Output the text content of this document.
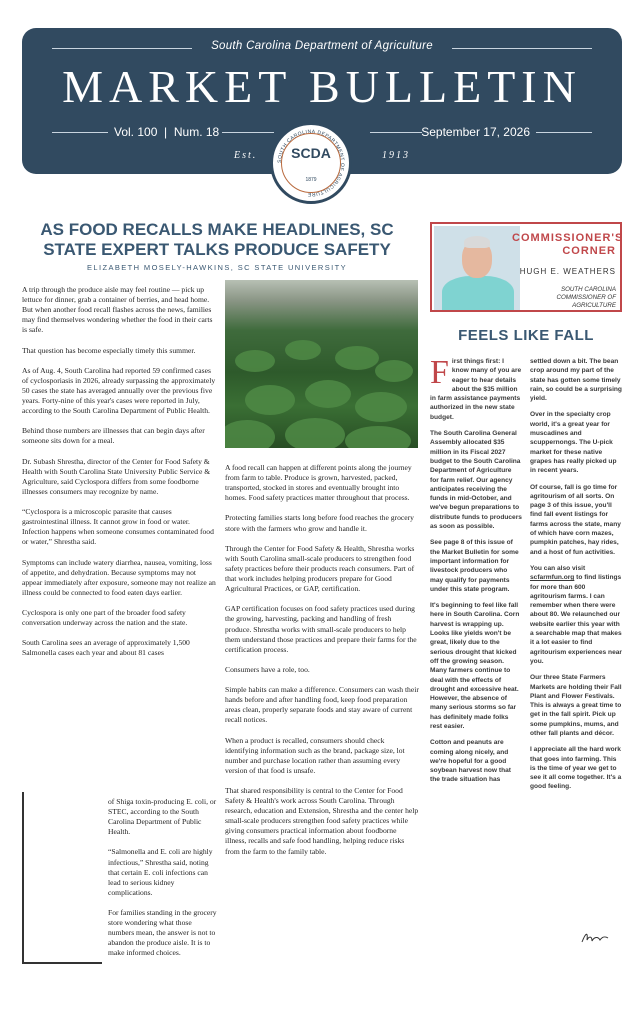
South Carolina Department of Agriculture
MARKET BULLETIN
Vol. 100  |  Num. 18	September 17, 2026
Est.	1913
SOUTH CAROLINA DEPARTMENT OF AGRICULTURE
SCDA
1879
AS FOOD RECALLS MAKE HEADLINES, SC
STATE EXPERT TALKS PRODUCE SAFETY
ELIZABETH MOSELY-HAWKINS, SC STATE UNIVERSITY

A trip through the produce aisle may feel routine — pick up lettuce for dinner, grab a container of berries, and head home. But when another food recall flashes across the news, families may find themselves wondering whether the food in their carts is safe.

That question has become especially timely this summer.

As of Aug. 4, South Carolina had reported 59 confirmed cases of cyclosporiasis in 2026, already surpassing the approximately 50 cases the state has averaged annually over the previous five years. Forty-nine of this year's cases were reported in July, according to the South Carolina Department of Public Health.

Behind those numbers are illnesses that can begin days after someone sits down for a meal.

Dr. Subash Shrestha, director of the Center for Food Safety & Health with South Carolina State University Public Service & Agriculture, said Cyclospora differs from some foodborne illnesses consumers may recognize by name.

“Cyclospora is a microscopic parasite that causes gastrointestinal illness. It cannot grow in food or water. Infection happens when someone consumes contaminated food or water,” Shrestha said.

Symptoms can include watery diarrhea, nausea, vomiting, loss of appetite, and dehydration. Because symptoms may not appear immediately after exposure, someone may not realize an illness could be connected to food eaten days earlier.

Cyclospora is only one part of the broader food safety conversation underway across the nation and the state.

South Carolina sees an average of approximately 1,500 Salmonella cases each year and about 81 cases

of Shiga toxin-producing E. coli, or STEC, according to the South Carolina Department of Public Health.

“Salmonella and E. coli are highly infectious,” Shrestha said, noting that certain E. coli infections can lead to serious kidney complications.

For families standing in the grocery store wondering what those numbers mean, the answer is not to abandon the produce aisle. It is to make informed choices.

A food recall can happen at different points along the journey from farm to table. Produce is grown, harvested, packed, transported, stocked in stores and eventually brought into homes. Food safety practices matter throughout that process.

Protecting families starts long before food reaches the grocery store with the farmers who grow and handle it.

Through the Center for Food Safety & Health, Shrestha works with South Carolina small-scale producers to strengthen food safety practices before their products reach consumers. Part of that work includes helping producers prepare for Good Agricultural Practices, or GAP, certification.

GAP certification focuses on food safety practices used during the growing, harvesting, packing and handling of fresh produce. Shrestha works with small-scale producers to help them understand those practices and prepare their farms for the certification process.

Consumers have a role, too.

Simple habits can make a difference. Consumers can wash their hands before and after handling food, keep food preparation areas clean, properly separate foods and stay aware of current recall notices.

When a product is recalled, consumers should check identifying information such as the brand, package size, lot number and purchase location rather than assuming every version of that food is unsafe.

That shared responsibility is central to the Center for Food Safety & Health's work across South Carolina. Through research, education and Extension, Shrestha and the center help small-scale producers strengthen food safety practices while giving consumers practical information about foodborne illness, recalls and safe food handling, helping reduce risks from the farm to the family table.

COMMISSIONER'S
CORNER
HUGH E. WEATHERS
SOUTH CAROLINA
COMMISSIONER OF AGRICULTURE
FEELS LIKE FALL

First things first: I know many of you are eager to hear details about the $35 million in farm assistance payments authorized in the new state budget.

The South Carolina General Assembly allocated $35 million in its Fiscal 2027 budget to the South Carolina Department of Agriculture for farm relief. Our agency anticipates receiving the funds in mid-October, and we've begun preparations to distribute funds to producers as soon as possible.

See page 8 of this issue of the Market Bulletin for some important information for livestock producers who may qualify for payments under this state program.

It's beginning to feel like fall here in South Carolina. Corn harvest is wrapping up. Looks like yields won't be great, likely due to the serious drought that kicked off the growing season. Many farmers continue to deal with the effects of drought and excessive heat. However, the absence of many serious storms so far has definitely made folks rest easier.

Cotton and peanuts are coming along nicely, and we're hopeful for a good soybean harvest now that the trade situation has

settled down a bit. The bean crop around my part of the state has gotten some timely rain, so could be a surprising yield.

Over in the specialty crop world, it's a great year for muscadines and scuppernongs. The U-pick market for these native grapes has really picked up in recent years.

Of course, fall is go time for agritourism of all sorts. On page 3 of this issue, you'll find fall event listings for farms across the state, many of which have corn mazes, pumpkin patches, hay rides, and a host of fun activities.

You can also visit scfarmfun.org to find listings for more than 600 agritourism farms. I can remember when there were about 80. We relaunched our website earlier this year with a searchable map that makes it a lot easier to find agritourism experiences near you.

Our three State Farmers Markets are holding their Fall Plant and Flower Festivals. This is always a great time to get in the fall spirit. Pick up some pumpkins, mums, and other fall plants and décor.

I appreciate all the hard work that goes into farming. This is the time of year we get to see it all come together. It's a good feeling.
